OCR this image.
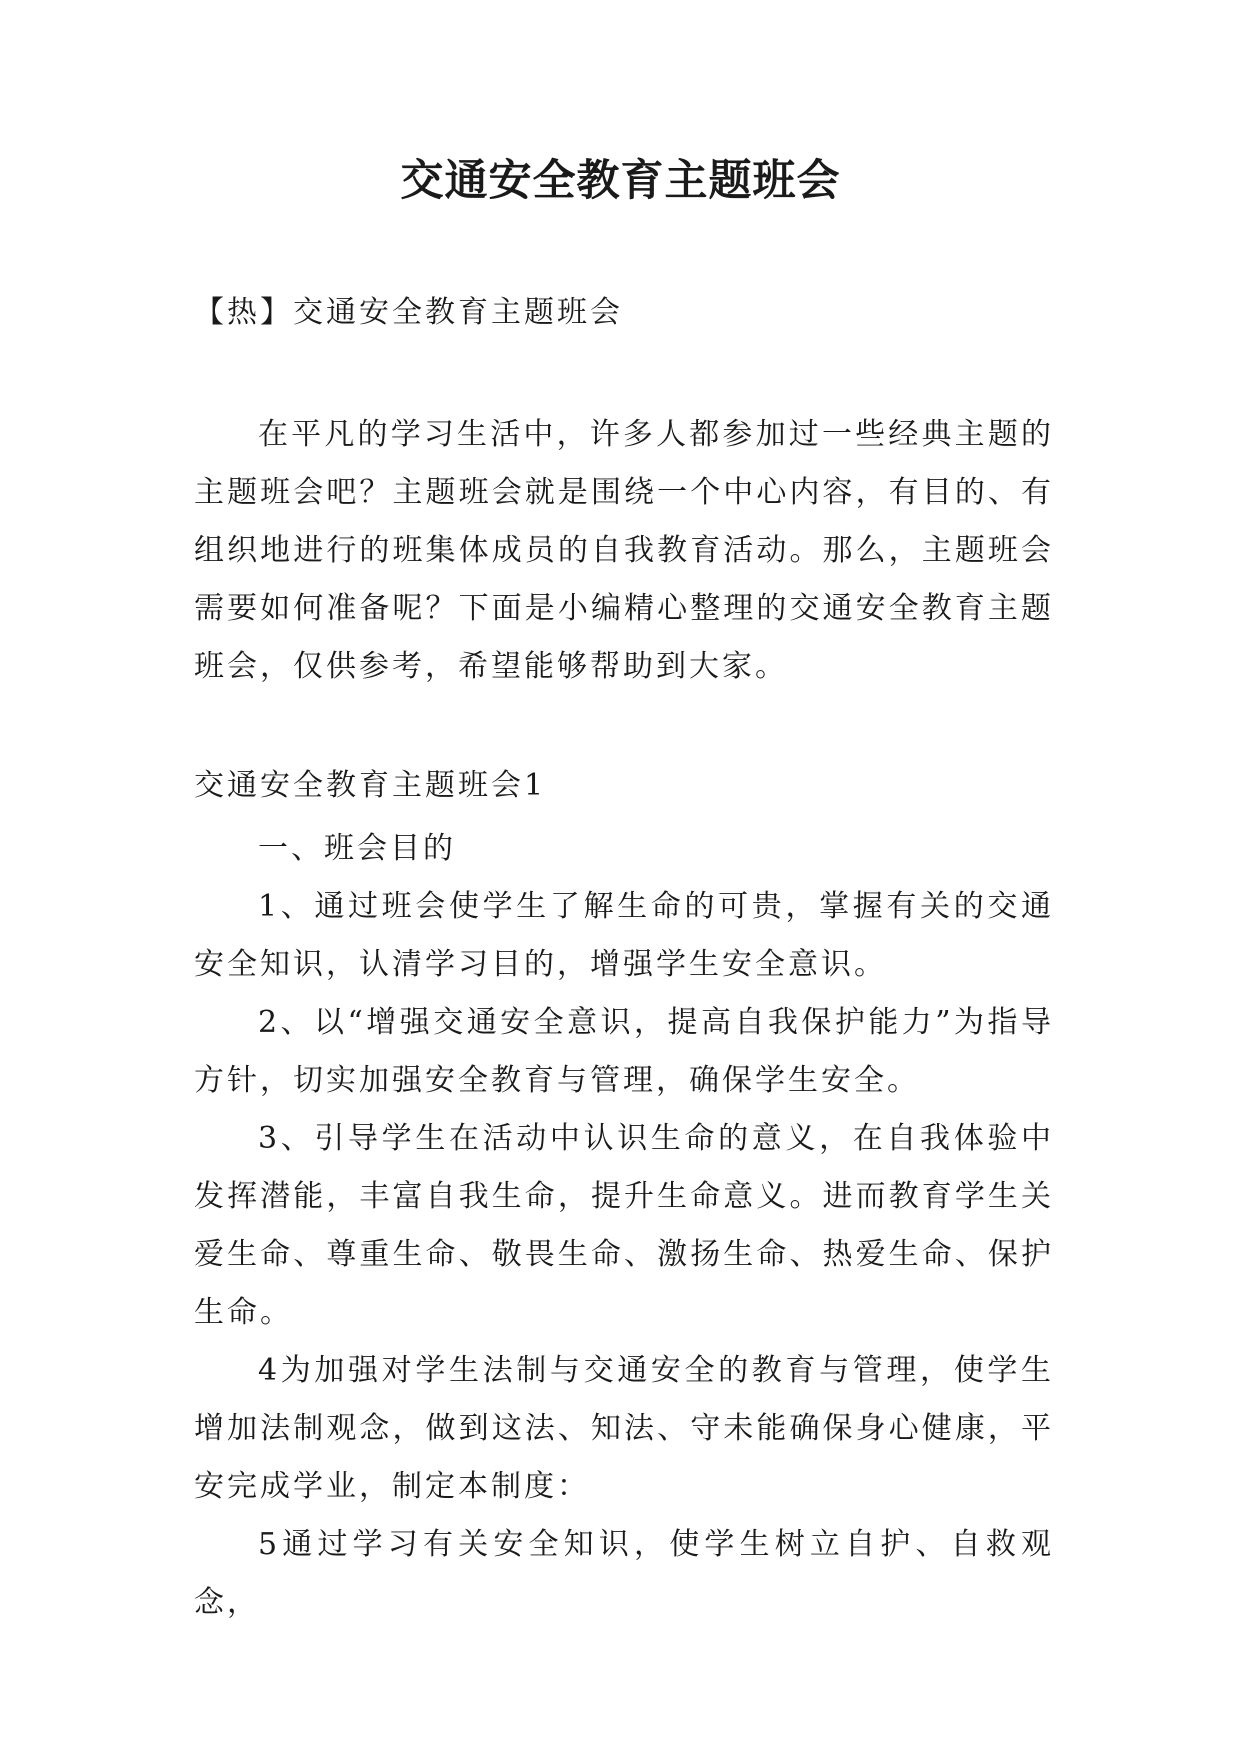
交通安全教育主题班会

【热】交通安全教育主题班会

在平凡的学习生活中，许多人都参加过一些经典主题的主题班会吧？主题班会就是围绕一个中心内容，有目的、有组织地进行的班集体成员的自我教育活动。那么，主题班会需要如何准备呢？下面是小编精心整理的交通安全教育主题班会，仅供参考，希望能够帮助到大家。

交通安全教育主题班会1

一、班会目的

1、通过班会使学生了解生命的可贵，掌握有关的交通安全知识，认清学习目的，增强学生安全意识。

2、以“增强交通安全意识，提高自我保护能力”为指导方针，切实加强安全教育与管理，确保学生安全。

3、引导学生在活动中认识生命的意义，在自我体验中发挥潜能，丰富自我生命，提升生命意义。进而教育学生关爱生命、尊重生命、敬畏生命、激扬生命、热爱生命、保护生命。

4为加强对学生法制与交通安全的教育与管理，使学生增加法制观念，做到这法、知法、守未能确保身心健康，平安完成学业，制定本制度：

5通过学习有关安全知识，使学生树立自护、自救观念，
